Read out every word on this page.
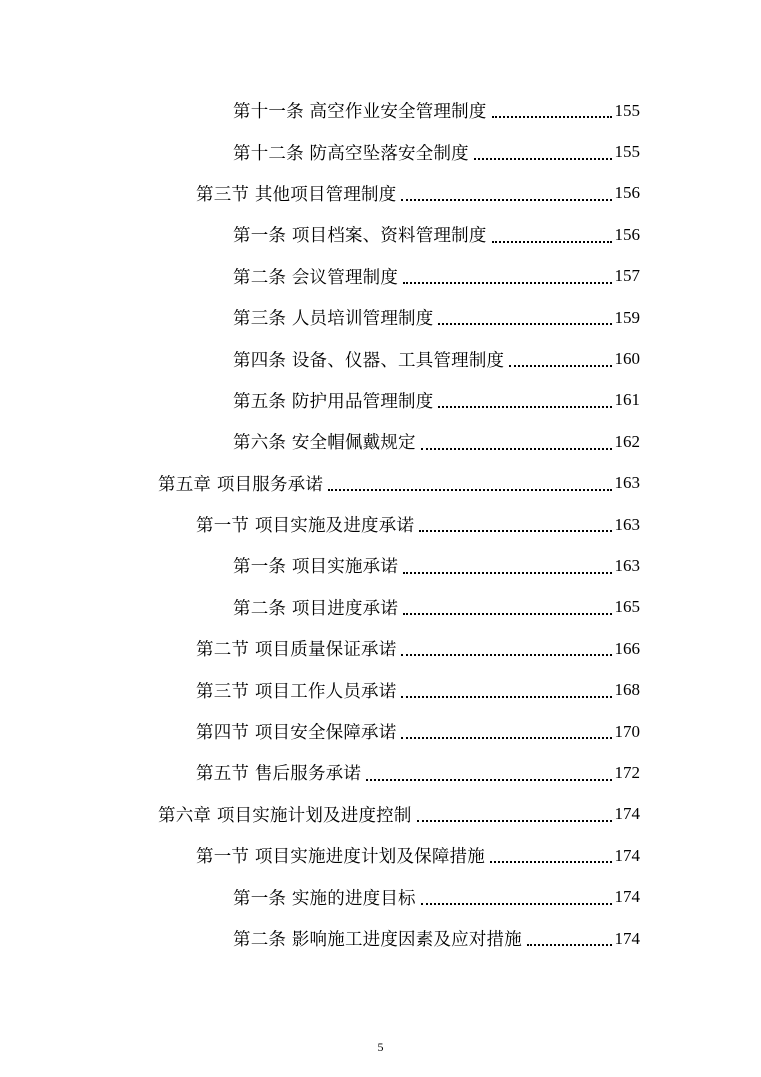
第十一条 高空作业安全管理制度	155
第十二条 防高空坠落安全制度	155
第三节 其他项目管理制度	156
第一条 项目档案、资料管理制度	156
第二条 会议管理制度	157
第三条 人员培训管理制度	159
第四条 设备、仪器、工具管理制度	160
第五条 防护用品管理制度	161
第六条 安全帽佩戴规定	162
第五章 项目服务承诺	163
第一节 项目实施及进度承诺	163
第一条 项目实施承诺	163
第二条 项目进度承诺	165
第二节 项目质量保证承诺	166
第三节 项目工作人员承诺	168
第四节 项目安全保障承诺	170
第五节 售后服务承诺	172
第六章 项目实施计划及进度控制	174
第一节 项目实施进度计划及保障措施	174
第一条 实施的进度目标	174
第二条 影响施工进度因素及应对措施	174
5
